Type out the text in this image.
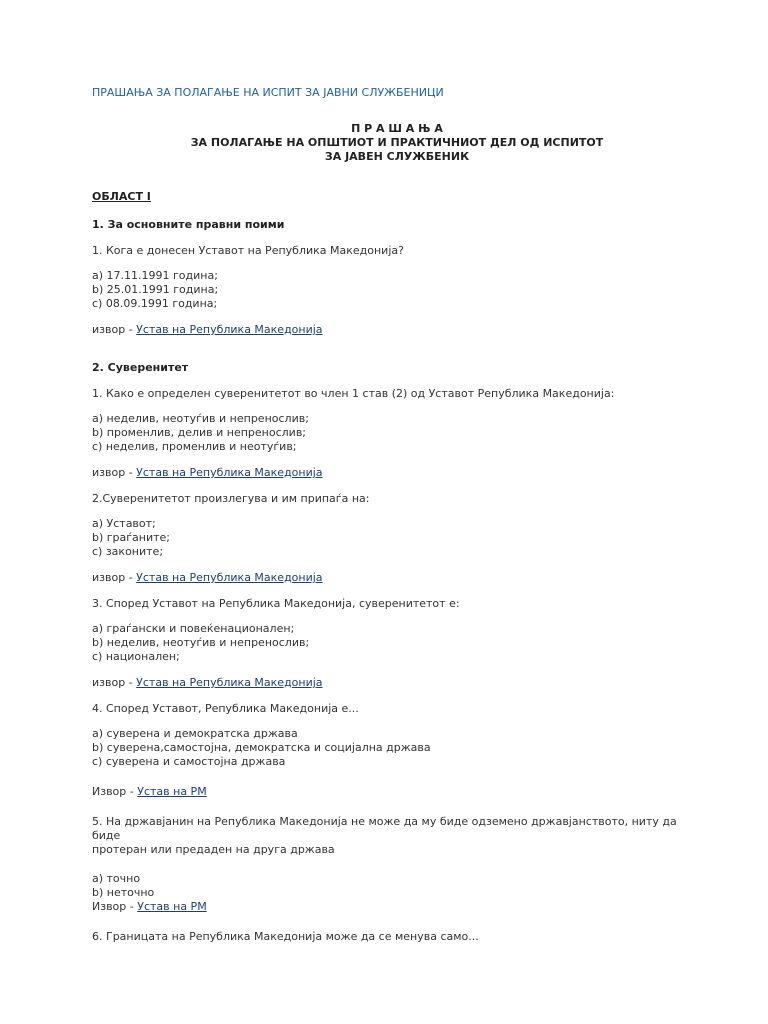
ПРАШАЊА ЗА ПОЛАГАЊЕ НА ИСПИТ ЗА ЈАВНИ СЛУЖБЕНИЦИ
П Р А Ш А Њ А
ЗА ПОЛАГАЊЕ НА ОПШТИОТ И ПРАКТИЧНИОТ ДЕЛ ОД ИСПИТОТ
ЗА ЈАВЕН СЛУЖБЕНИК
ОБЛАСТ I
1. За основните правни поими
1. Кога е донесен Уставот на Република Македонија?
a) 17.11.1991 година;
b) 25.01.1991 година;
c) 08.09.1991 година;
извор - Устав на Република Македонија
2. Суверенитет
1. Како е определен суверенитетот во член 1 став (2) од Уставот Република Македонија:
a) неделив, неотуѓив и непренослив;
b) променлив, делив и непренослив;
c) неделив, променлив и неотуѓив;
извор - Устав на Република Македонија
2.Суверенитетот произлегува и им припаѓа на:
a) Уставот;
b) граѓаните;
c) законите;
извор - Устав на Република Македонија
3. Според Уставот на Република Македонија, суверенитетот е:
a) граѓански и повеќенационален;
b) неделив, неотуѓив и непренослив;
c) национален;
извор - Устав на Република Македонија
4. Според Уставот, Република Македонија е...
a) суверена и демократска држава
b) суверена,самостојна, демократска и социјална држава
c) суверена и самостојна држава
Извор - Устав на РМ
5. На државјанин на Република Македонија не може да му биде одземено државјанството, ниту да биде
протеран или предаден на друга држава
a) точно
b) неточно
Извор - Устав на РМ
6. Границата на Република Македонија може да се менува само...
